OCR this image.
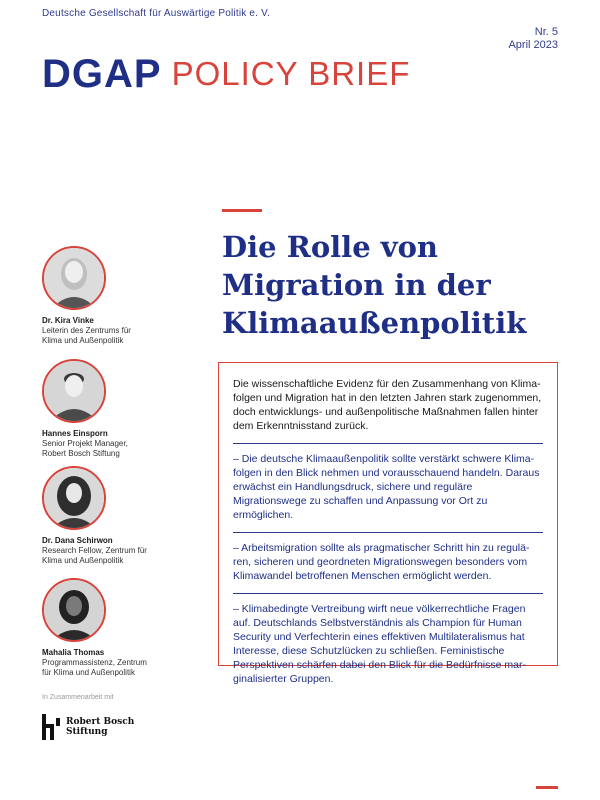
Deutsche Gesellschaft für Auswärtige Politik e. V.
Nr. 5
April 2023
DGAP POLICY BRIEF
Die Rolle von Migration in der Klimaaußenpolitik
Dr. Kira Vinke
Leiterin des Zentrums für
Klima und Außenpolitik
Hannes Einsporn
Senior Projekt Manager,
Robert Bosch Stiftung
Dr. Dana Schirwon
Research Fellow, Zentrum für
Klima und Außenpolitik
Mahalia Thomas
Programmassistenz, Zentrum
für Klima und Außenpolitik
In Zusammenarbeit mit
Robert Bosch
Stiftung

Die wissenschaftliche Evidenz für den Zusammenhang von Klimafolgen und Migration hat in den letzten Jahren stark zugenommen, doch entwicklungs- und außenpolitische Maßnahmen fallen hinter dem Erkenntnisstand zurück.

– Die deutsche Klimaaußenpolitik sollte verstärkt schwere Klimafolgen in den Blick nehmen und vorausschauend handeln. Daraus erwächst ein Handlungsdruck, sichere und reguläre Migrationswege zu schaffen und Anpassung vor Ort zu ermöglichen.
– Arbeitsmigration sollte als pragmatischer Schritt hin zu regulären, sicheren und geordneten Migrationswegen besonders vom Klimawandel betroffenen Menschen ermöglicht werden.
– Klimabedingte Vertreibung wirft neue völkerrechtliche Fragen auf. Deutschlands Selbstverständnis als Champion für Human Security und Verfechterin eines effektiven Multilateralismus hat Interesse, diese Schutzlücken zu schließen. Feministische Perspektiven schärfen dabei den Blick für die Bedürfnisse marginalisierter Gruppen.
